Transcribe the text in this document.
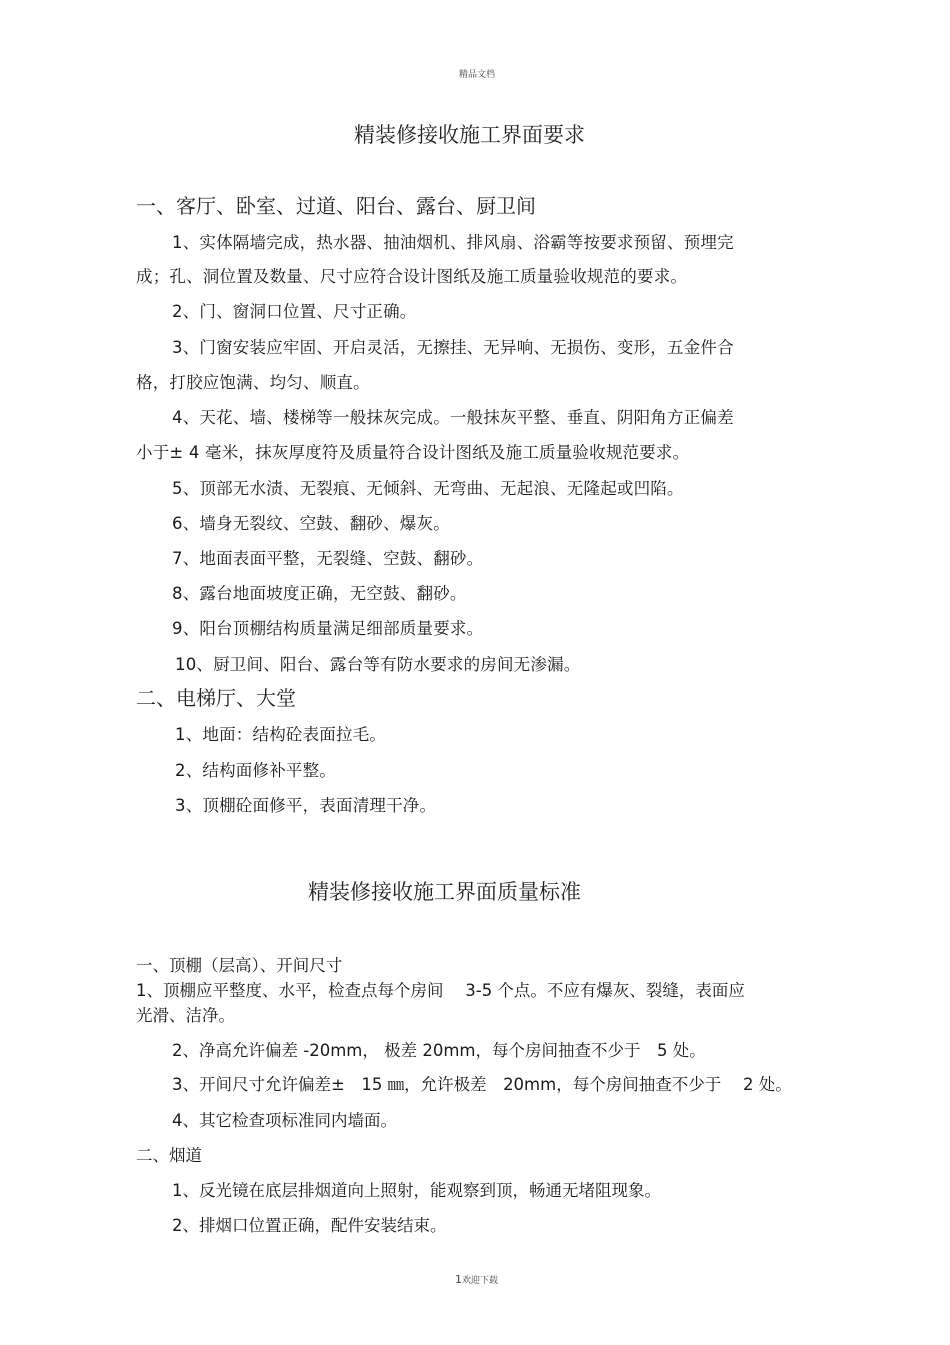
精品文档
精装修接收施工界面要求
一、客厅、卧室、过道、阳台、露台、厨卫间
1、实体隔墙完成，热水器、抽油烟机、排风扇、浴霸等按要求预留、预埋完
成；孔、洞位置及数量、尺寸应符合设计图纸及施工质量验收规范的要求。
2、门、窗洞口位置、尺寸正确。
3、门窗安装应牢固、开启灵活，无擦挂、无异响、无损伤、变形，五金件合
格，打胶应饱满、均匀、顺直。
4、天花、墙、楼梯等一般抹灰完成。一般抹灰平整、垂直、阴阳角方正偏差
小于± 4 毫米，抹灰厚度符及质量符合设计图纸及施工质量验收规范要求。
5、顶部无水渍、无裂痕、无倾斜、无弯曲、无起浪、无隆起或凹陷。
6、墙身无裂纹、空鼓、翻砂、爆灰。
7、地面表面平整，无裂缝、空鼓、翻砂。
8、露台地面坡度正确，无空鼓、翻砂。
9、阳台顶棚结构质量满足细部质量要求。
10、厨卫间、阳台、露台等有防水要求的房间无渗漏。
二、电梯厅、大堂
1、地面：结构砼表面拉毛。
2、结构面修补平整。
3、顶棚砼面修平，表面清理干净。
精装修接收施工界面质量标准
一、顶棚（层高）、开间尺寸
1、顶棚应平整度、水平，检查点每个房间　 3-5 个点。不应有爆灰、裂缝，表面应
光滑、洁净。
2、净高允许偏差 -20mm， 极差 20mm，每个房间抽查不少于　5 处。
3、开间尺寸允许偏差±　15 ㎜，允许极差　20mm，每个房间抽查不少于　 2 处。
4、其它检查项标准同内墙面。
二、烟道
1、反光镜在底层排烟道向上照射，能观察到顶，畅通无堵阻现象。
2、排烟口位置正确，配件安装结束。
1欢迎下载
